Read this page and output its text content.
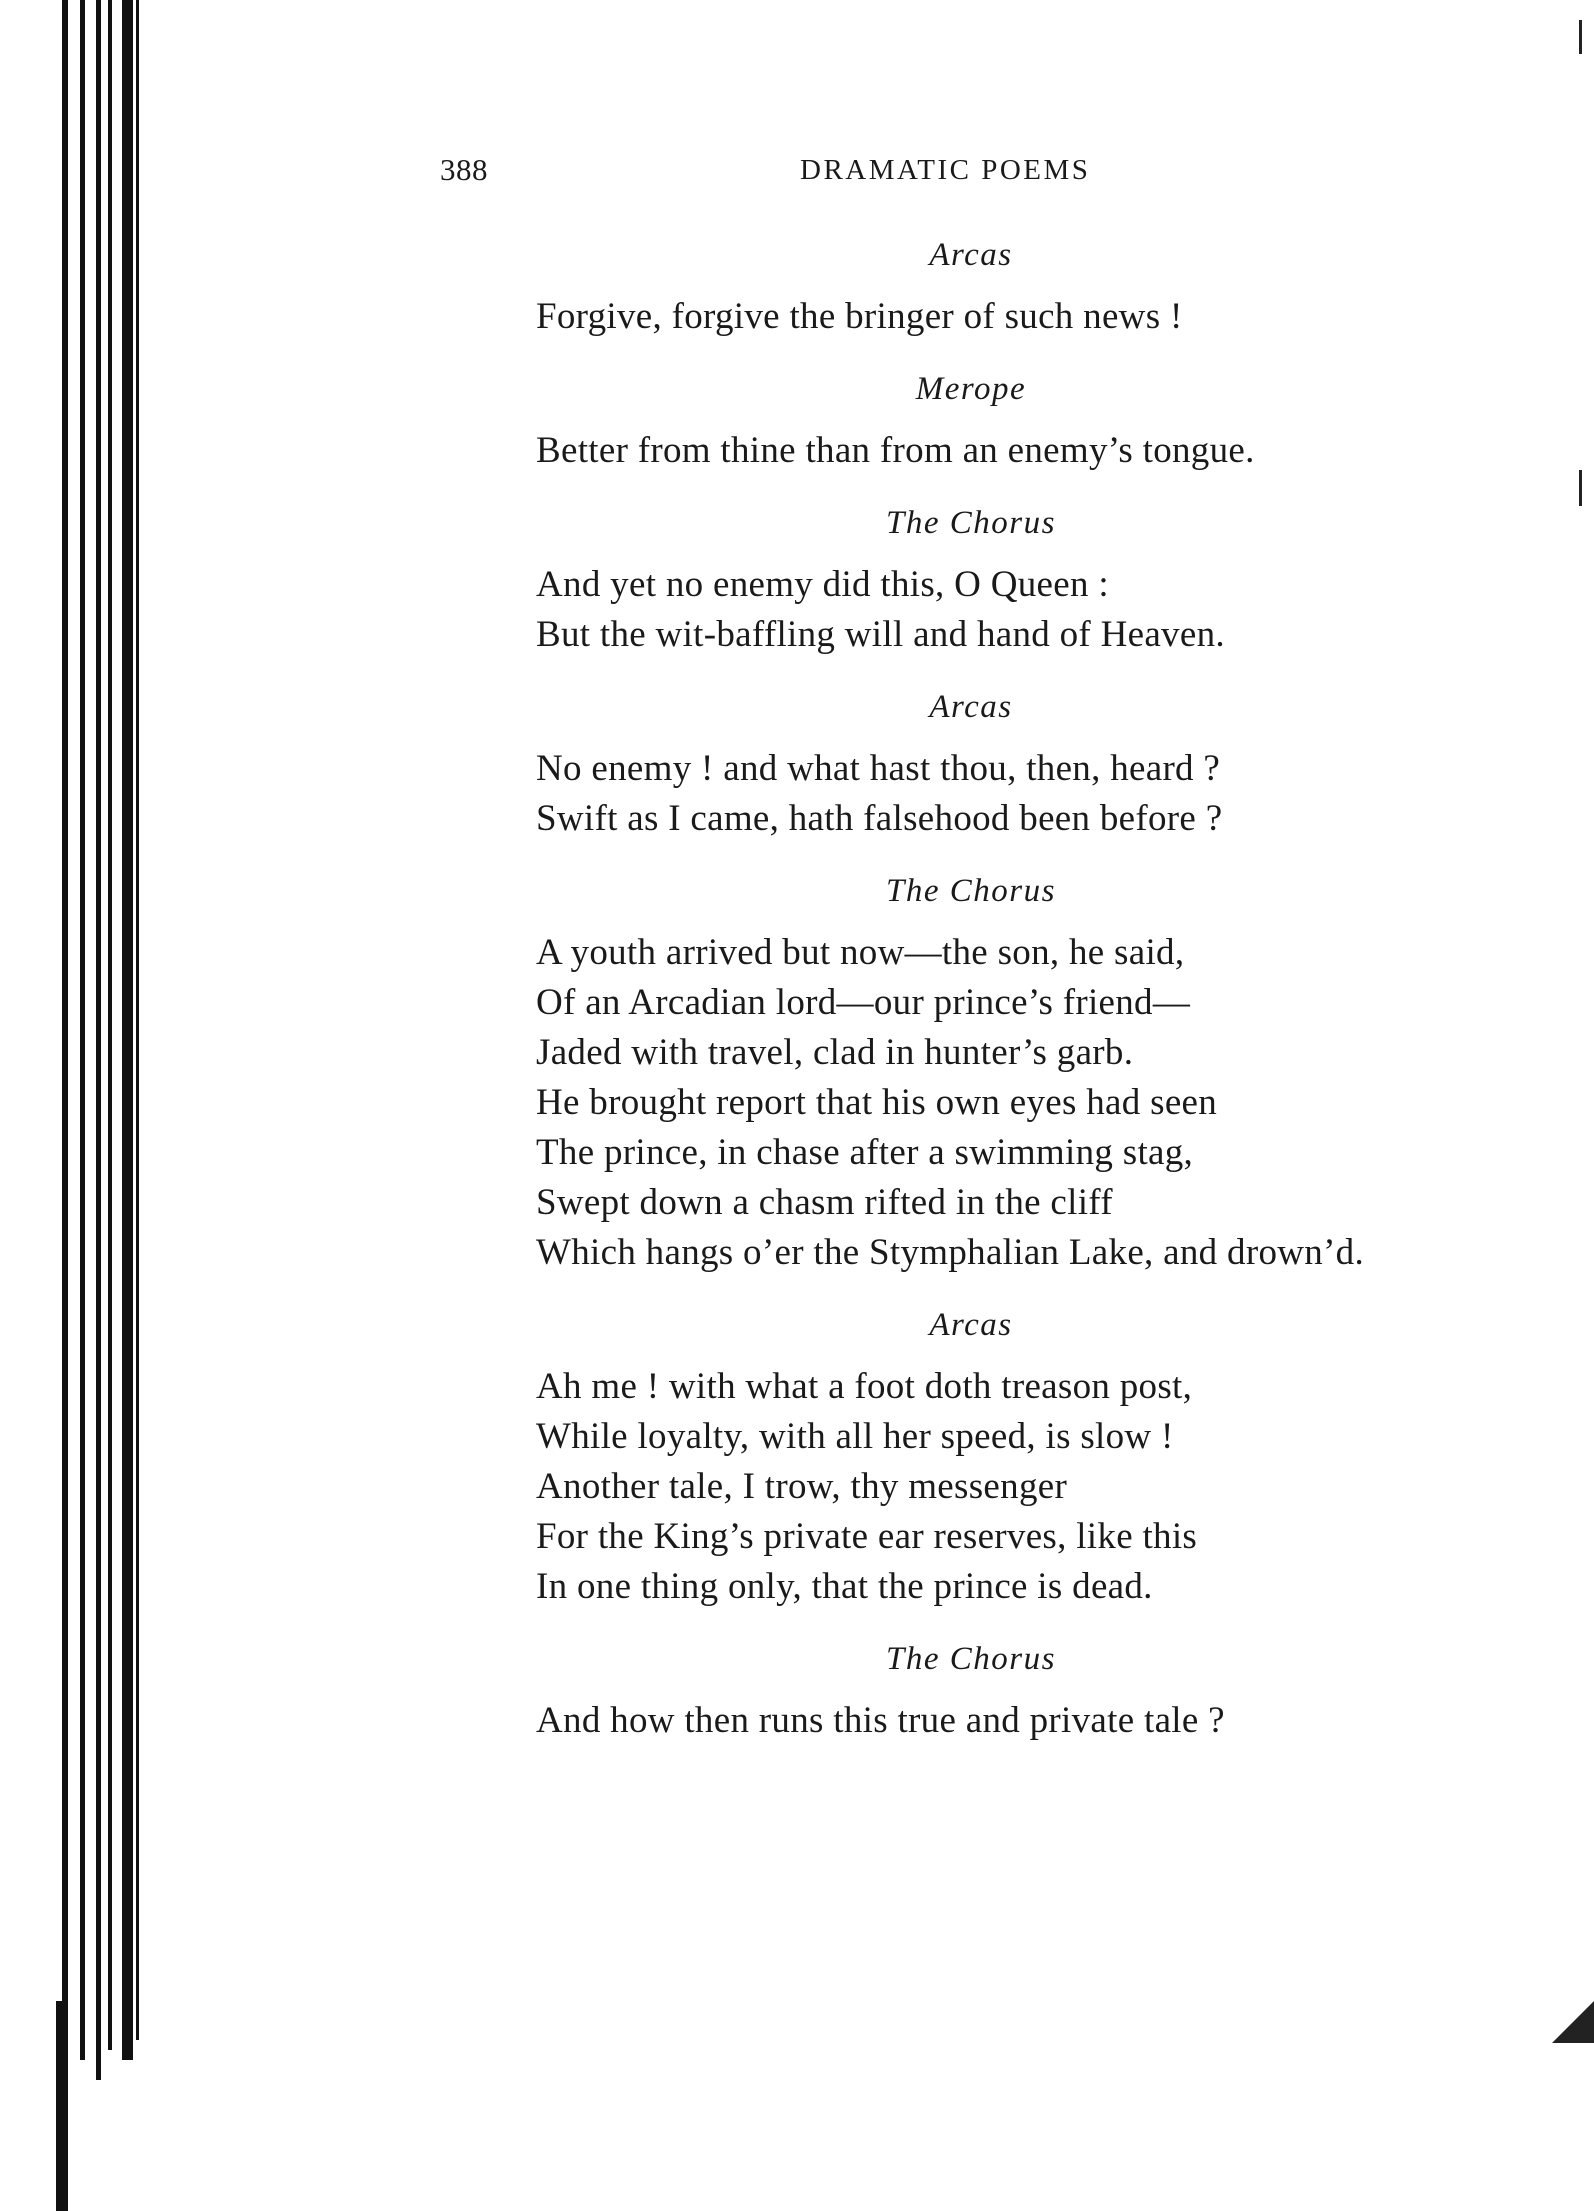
388	DRAMATIC POEMS
Arcas
Forgive, forgive the bringer of such news !
Merope
Better from thine than from an enemy’s tongue.
The Chorus
And yet no enemy did this, O Queen :
But the wit-baffling will and hand of Heaven.
Arcas
No enemy ! and what hast thou, then, heard ?
Swift as I came, hath falsehood been before ?
The Chorus
A youth arrived but now—the son, he said,
Of an Arcadian lord—our prince’s friend—
Jaded with travel, clad in hunter’s garb.
He brought report that his own eyes had seen
The prince, in chase after a swimming stag,
Swept down a chasm rifted in the cliff
Which hangs o’er the Stymphalian Lake, and drown’d.
Arcas
Ah me ! with what a foot doth treason post,
While loyalty, with all her speed, is slow !
Another tale, I trow, thy messenger
For the King’s private ear reserves, like this
In one thing only, that the prince is dead.
The Chorus
And how then runs this true and private tale ?
